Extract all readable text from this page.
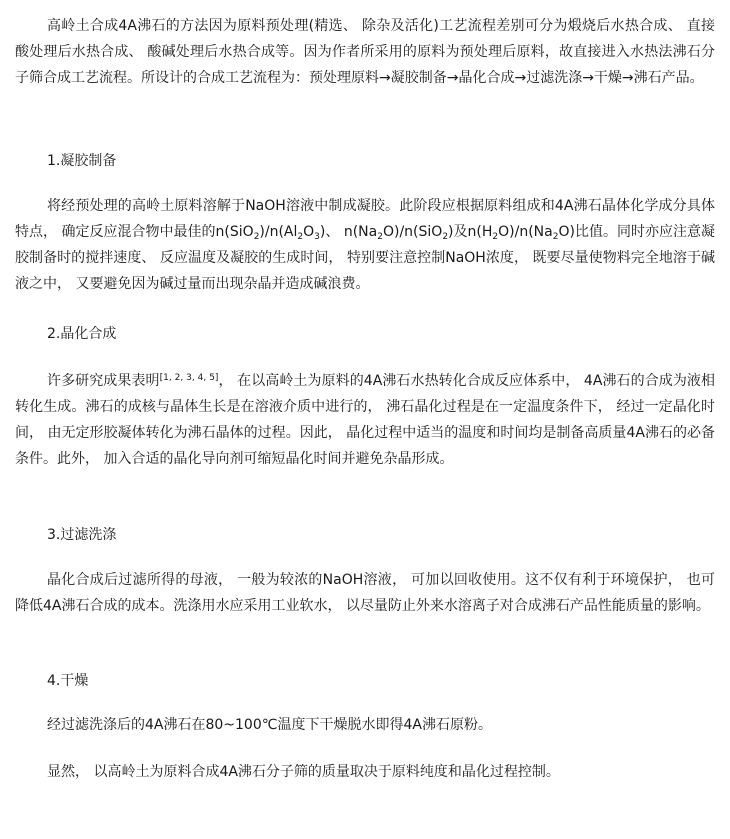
高岭土合成4A沸石的方法因为原料预处理(精选、 除杂及活化)工艺流程差别可分为煅烧后水热合成、 直接酸处理后水热合成、 酸碱处理后水热合成等。因为作者所采用的原料为预处理后原料，故直接进入水热法沸石分子筛合成工艺流程。所设计的合成工艺流程为：预处理原料→凝胶制备→晶化合成→过滤洗涤→干燥→沸石产品。

1.凝胶制备

将经预处理的高岭土原料溶解于NaOH溶液中制成凝胶。此阶段应根据原料组成和4A沸石晶体化学成分具体特点， 确定反应混合物中最佳的$n(SiO_2)/n(Al_2O_3)$、 $n(Na_2O)/n(SiO_2)$及$n(H_2O)/n(Na_2O)$比值。同时亦应注意凝胶制备时的搅拌速度、 反应温度及凝胶的生成时间， 特别要注意控制NaOH浓度， 既要尽量使物料完全地溶于碱液之中， 又要避免因为碱过量而出现杂晶并造成碱浪费。

2.晶化合成

许多研究成果表明[1, 2, 3, 4, 5]， 在以高岭土为原料的4A沸石水热转化合成反应体系中， 4A沸石的合成为液相转化生成。沸石的成核与晶体生长是在溶液介质中进行的， 沸石晶化过程是在一定温度条件下， 经过一定晶化时间， 由无定形胶凝体转化为沸石晶体的过程。因此， 晶化过程中适当的温度和时间均是制备高质量4A沸石的必备条件。此外， 加入合适的晶化导向剂可缩短晶化时间并避免杂晶形成。

3.过滤洗涤

晶化合成后过滤所得的母液， 一般为较浓的NaOH溶液， 可加以回收使用。这不仅有利于环境保护， 也可降低4A沸石合成的成本。洗涤用水应采用工业软水， 以尽量防止外来水溶离子对合成沸石产品性能质量的影响。

4.干燥

经过滤洗涤后的4A沸石在80~100℃温度下干燥脱水即得4A沸石原粉。

显然， 以高岭土为原料合成4A沸石分子筛的质量取决于原料纯度和晶化过程控制。
